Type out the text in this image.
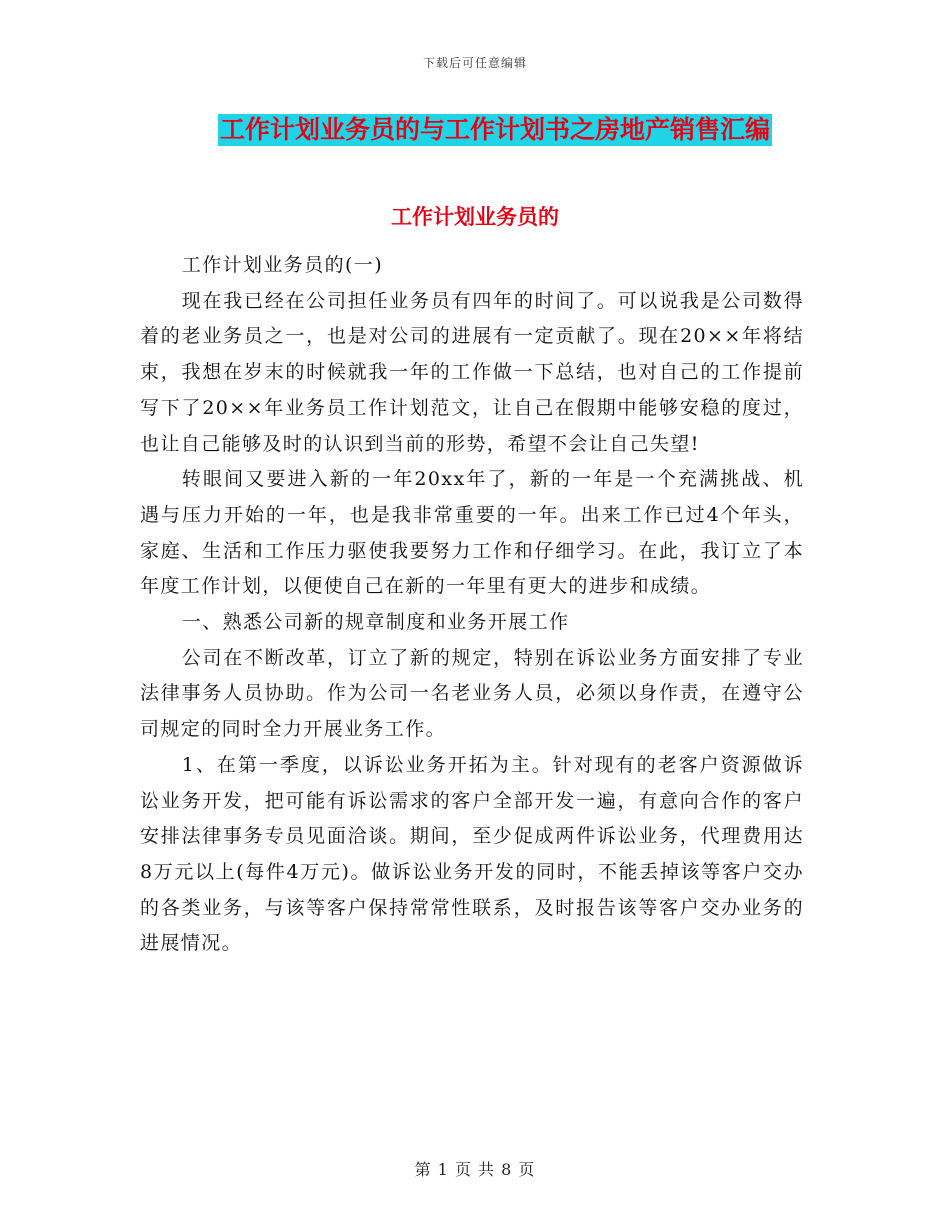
下载后可任意编辑
工作计划业务员的与工作计划书之房地产销售汇编
工作计划业务员的

工作计划业务员的(一)

现在我已经在公司担任业务员有四年的时间了。可以说我是公司数得着的老业务员之一，也是对公司的进展有一定贡献了。现在20××年将结束，我想在岁末的时候就我一年的工作做一下总结，也对自己的工作提前写下了20××年业务员工作计划范文，让自己在假期中能够安稳的度过，也让自己能够及时的认识到当前的形势，希望不会让自己失望!

转眼间又要进入新的一年20xx年了，新的一年是一个充满挑战、机遇与压力开始的一年，也是我非常重要的一年。出来工作已过4个年头，家庭、生活和工作压力驱使我要努力工作和仔细学习。在此，我订立了本年度工作计划，以便使自己在新的一年里有更大的进步和成绩。

一、熟悉公司新的规章制度和业务开展工作

公司在不断改革，订立了新的规定，特别在诉讼业务方面安排了专业法律事务人员协助。作为公司一名老业务人员，必须以身作责，在遵守公司规定的同时全力开展业务工作。

1、在第一季度，以诉讼业务开拓为主。针对现有的老客户资源做诉讼业务开发，把可能有诉讼需求的客户全部开发一遍，有意向合作的客户安排法律事务专员见面洽谈。期间，至少促成两件诉讼业务，代理费用达8万元以上(每件4万元)。做诉讼业务开发的同时，不能丢掉该等客户交办的各类业务，与该等客户保持常常性联系，及时报告该等客户交办业务的进展情况。

第 1 页 共 8 页
